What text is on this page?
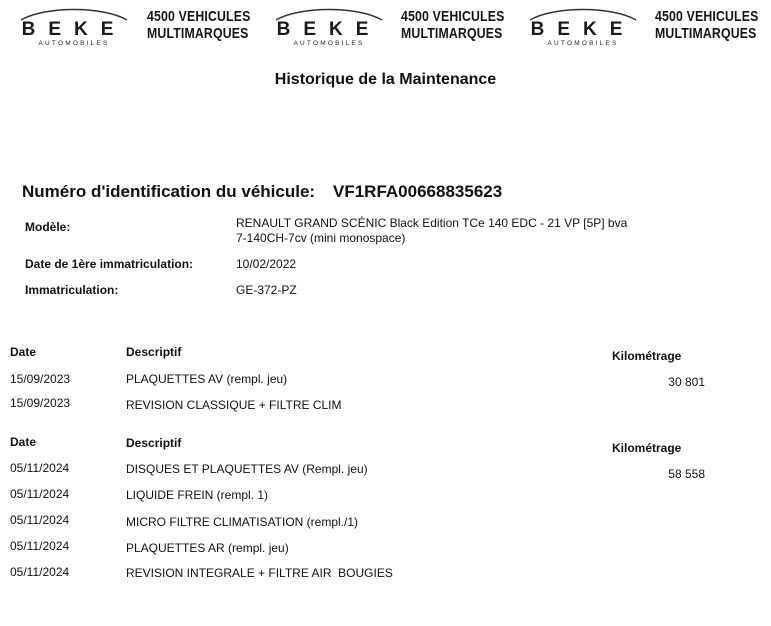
BEKE
AUTOMOBILES
4500 VEHICULES
MULTIMARQUES BEKE
AUTOMOBILES
4500 VEHICULES
MULTIMARQUES BEKE
AUTOMOBILES
4500 VEHICULES
MULTIMARQUES
Historique de la Maintenance
Numéro d'identification du véhicule: VF1RFA00668835623
Modèle:	RENAULT GRAND SCÉNIC Black Edition TCe 140 EDC - 21 VP [5P] bva
7-140CH-7cv (mini monospace)
Date de 1ère immatriculation:	10/02/2022
Immatriculation:	GE-372-PZ
Date	Descriptif	Kilométrage
15/09/2023	PLAQUETTES AV (rempl. jeu)	30 801
15/09/2023	REVISION CLASSIQUE + FILTRE CLIM
Date	Descriptif	Kilométrage
05/11/2024	DISQUES ET PLAQUETTES AV (Rempl. jeu)	58 558
05/11/2024	LIQUIDE FREIN (rempl. 1)
05/11/2024	MICRO FILTRE CLIMATISATION (rempl./1)
05/11/2024	PLAQUETTES AR (rempl. jeu)
05/11/2024	REVISION INTEGRALE + FILTRE AIR  BOUGIES
